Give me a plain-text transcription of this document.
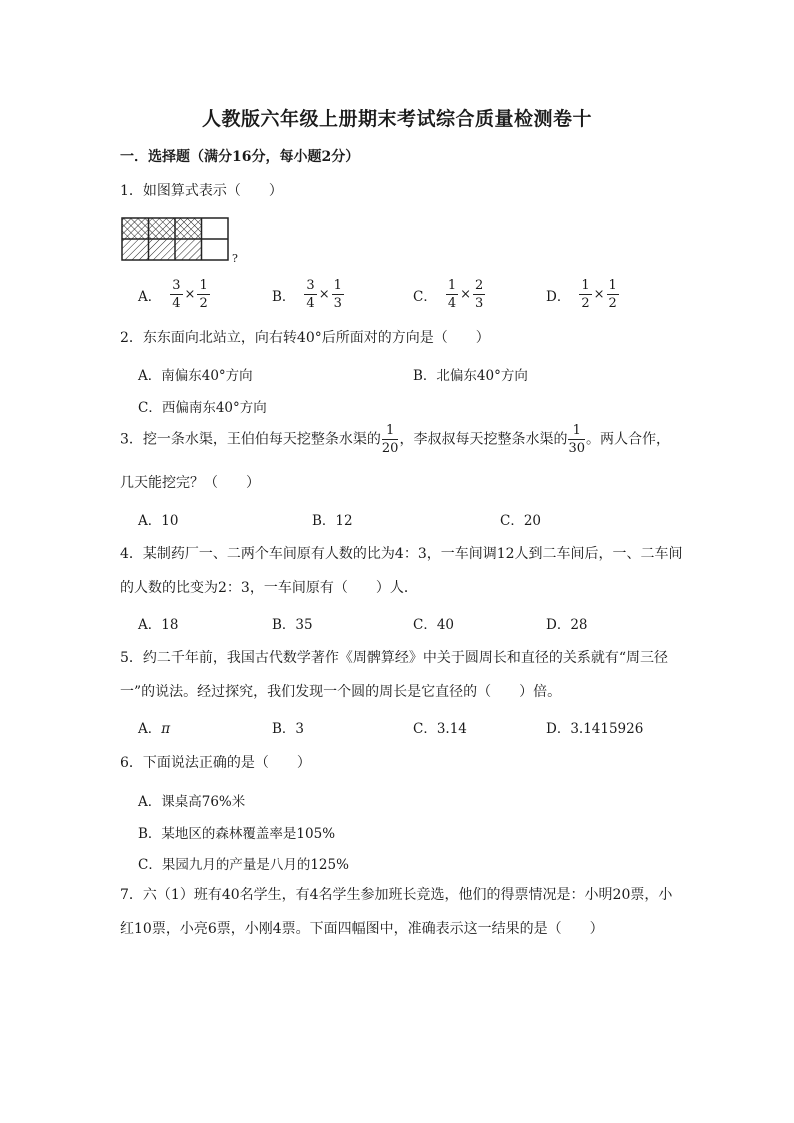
人教版六年级上册期末考试综合质量检测卷十
一．选择题（满分16分，每小题2分）
1．如图算式表示（　　）
?
A． $\frac{3}{4} \times \frac{1}{2}$	B． $\frac{3}{4} \times \frac{1}{3}$	C． $\frac{1}{4} \times \frac{2}{3}$	D． $\frac{1}{2} \times \frac{1}{2}$
2．东东面向北站立，向右转40°后所面对的方向是（　　）
A．南偏东40°方向	B．北偏东40°方向
C．西偏南东40°方向
3．挖一条水渠，王伯伯每天挖整条水渠的 $\frac{1}{20}$ ，李叔叔每天挖整条水渠的 $\frac{1}{30}$ 。两人合作，
几天能挖完？（　　）
A．10	B．12	C．20
4．某制药厂一、二两个车间原有人数的比为4：3，一车间调12人到二车间后，一、二车间
的人数的比变为2：3，一车间原有（　　）人．
A．18	B．35	C．40	D．28
5．约二千年前，我国古代数学著作《周髀算经》中关于圆周长和直径的关系就有“周三径
一”的说法。经过探究，我们发现一个圆的周长是它直径的（　　）倍。
A．π	B．3	C．3.14	D．3.1415926
6．下面说法正确的是（　　）
A．课桌高76%米
B．某地区的森林覆盖率是105%
C．果园九月的产量是八月的125%
7．六（1）班有40名学生，有4名学生参加班长竞选，他们的得票情况是：小明20票，小
红10票，小亮6票，小刚4票。下面四幅图中，准确表示这一结果的是（　　）
